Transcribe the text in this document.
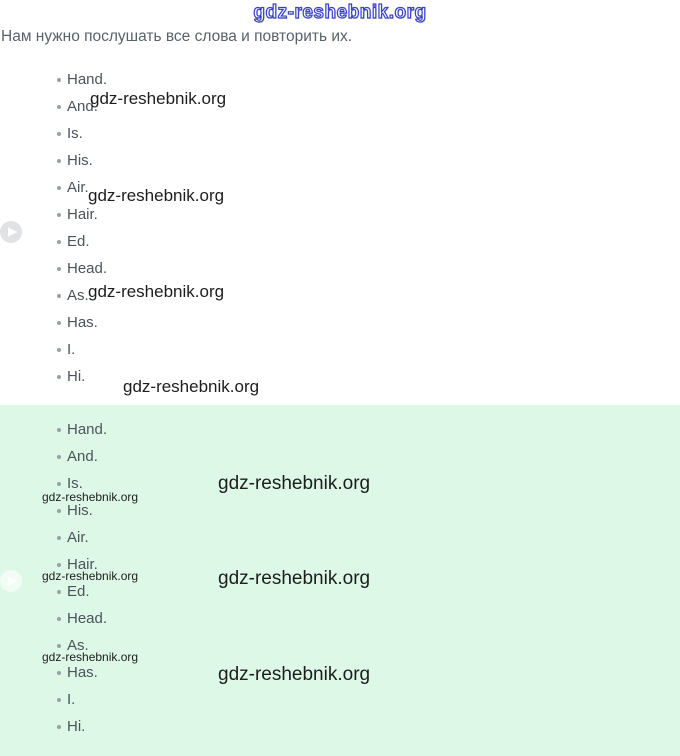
gdz-reshebnik.org
Нам нужно послушать все слова и повторить их.
Hand.
And.
Is.
His.
Air.
Hair.
Ed.
Head.
As.
Has.
I.
Hi.
gdz-reshebnik.org
gdz-reshebnik.org
gdz-reshebnik.org
gdz-reshebnik.org
Hand.
And.
Is.
His.
Air.
Hair.
Ed.
Head.
As.
Has.
I.
Hi.
gdz-reshebnik.org
gdz-reshebnik.org
gdz-reshebnik.org	gdz-reshebnik.org
gdz-reshebnik.org
gdz-reshebnik.org
